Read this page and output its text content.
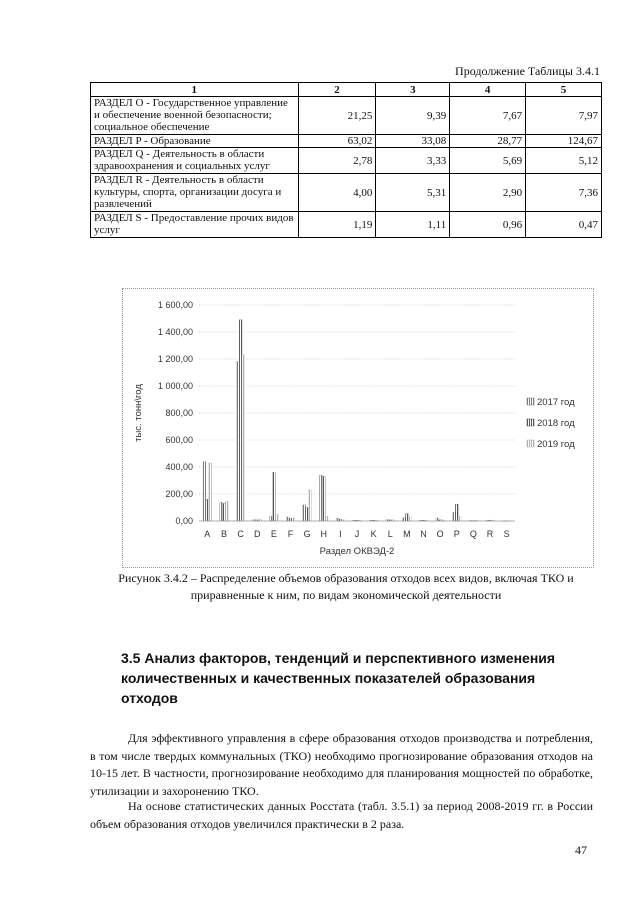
Продолжение Таблицы 3.4.1
1	2	3	4	5
РАЗДЕЛ O - Государственное управление и обеспечение военной безопасности; социальное обеспечение	21,25	9,39	7,67	7,97
РАЗДЕЛ P - Образование	63,02	33,08	28,77	124,67
РАЗДЕЛ Q - Деятельность в области здравоохранения и социальных услуг	2,78	3,33	5,69	5,12
РАЗДЕЛ R - Деятельность в области культуры, спорта, организации досуга и развлечений	4,00	5,31	2,90	7,36
РАЗДЕЛ S - Предоставление прочих видов услуг	1,19	1,11	0,96	0,47
0,00
200,00
400,00
600,00
800,00
1 000,00
1 200,00
1 400,00
1 600,00
A B C D E F G H I J K L M N O P Q R S
тыс. тонн\год
Раздел ОКВЭД-2
2017 год
2018 год
2019 год
Рисунок 3.4.2 – Распределение объемов образования отходов всех видов, включая ТКО и приравненные к ним, по видам экономической деятельности
3.5 Анализ факторов, тенденций и перспективного изменения количественных и качественных показателей образования отходов

Для эффективного управления в сфере образования отходов производства и потребления, в том числе твердых коммунальных (ТКО) необходимо прогнозирование образования отходов на 10-15 лет. В частности, прогнозирование необходимо для планирования мощностей по обработке, утилизации и захоронению ТКО.

На основе статистических данных Росстата (табл. 3.5.1) за период 2008-2019 гг. в России объем образования отходов увеличился практически в 2 раза.

47
